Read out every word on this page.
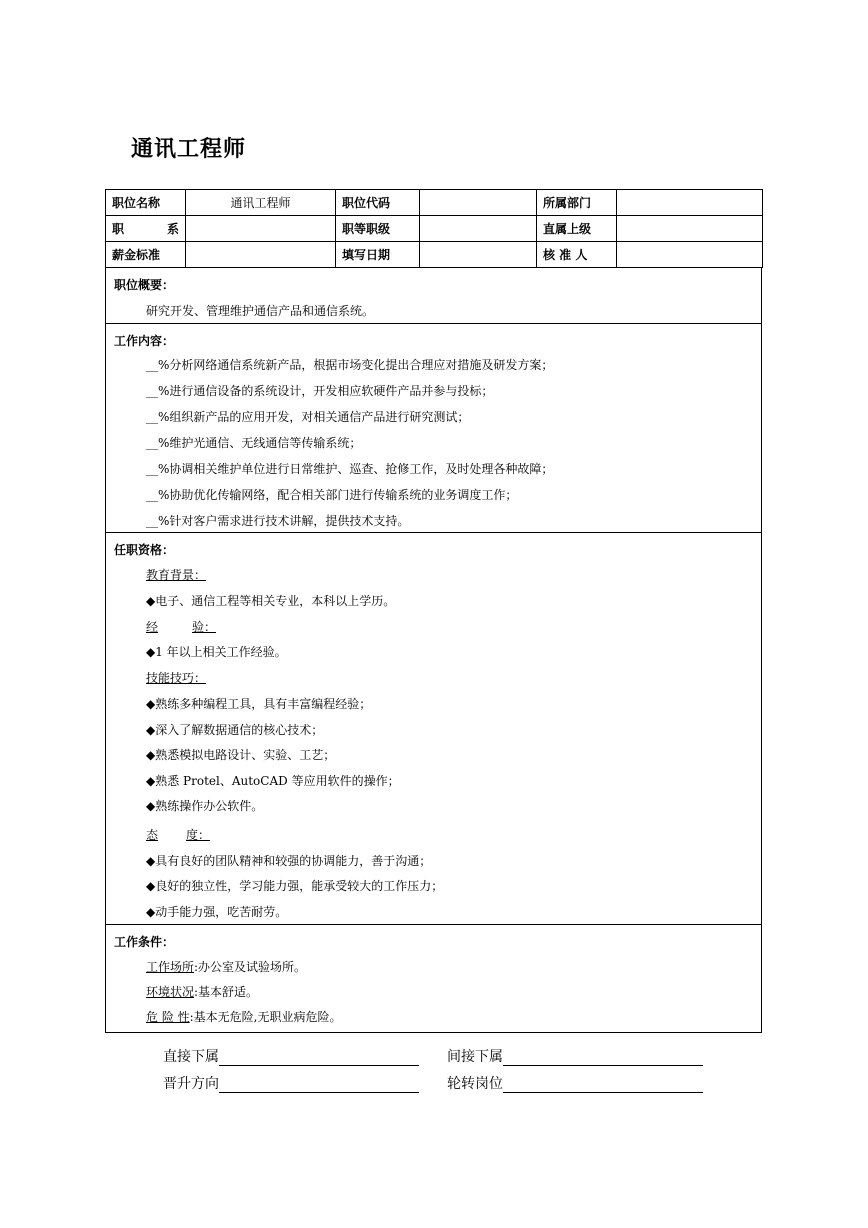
通讯工程师
职位名称	通讯工程师	职位代码		所属部门	

职 系		职等职级		直属上级	
薪金标准		填写日期		核 准 人	
职位概要：
研究开发、管理维护通信产品和通信系统。
工作内容：
__%分析网络通信系统新产品，根据市场变化提出合理应对措施及研发方案；
__%进行通信设备的系统设计，开发相应软硬件产品并参与投标；
__%组织新产品的应用开发，对相关通信产品进行研究测试；
__%维护光通信、无线通信等传输系统；
__%协调相关维护单位进行日常维护、巡查、抢修工作，及时处理各种故障；
__%协助优化传输网络，配合相关部门进行传输系统的业务调度工作；
__%针对客户需求进行技术讲解，提供技术支持。
任职资格：
教育背景：
◆电子、通信工程等相关专业，本科以上学历。
经	验：
◆1 年以上相关工作经验。
技能技巧：
◆熟练多种编程工具，具有丰富编程经验；
◆深入了解数据通信的核心技术；
◆熟悉模拟电路设计、实验、工艺；
◆熟悉 Protel、AutoCAD 等应用软件的操作；
◆熟练操作办公软件。
态 度：
◆具有良好的团队精神和较强的协调能力，善于沟通；
◆良好的独立性，学习能力强，能承受较大的工作压力；
◆动手能力强，吃苦耐劳。
工作条件：
工作场所:办公室及试验场所。
环境状况:基本舒适。
危 险 性:基本无危险,无职业病危险。
直接下属	间接下属
晋升方向	轮转岗位
